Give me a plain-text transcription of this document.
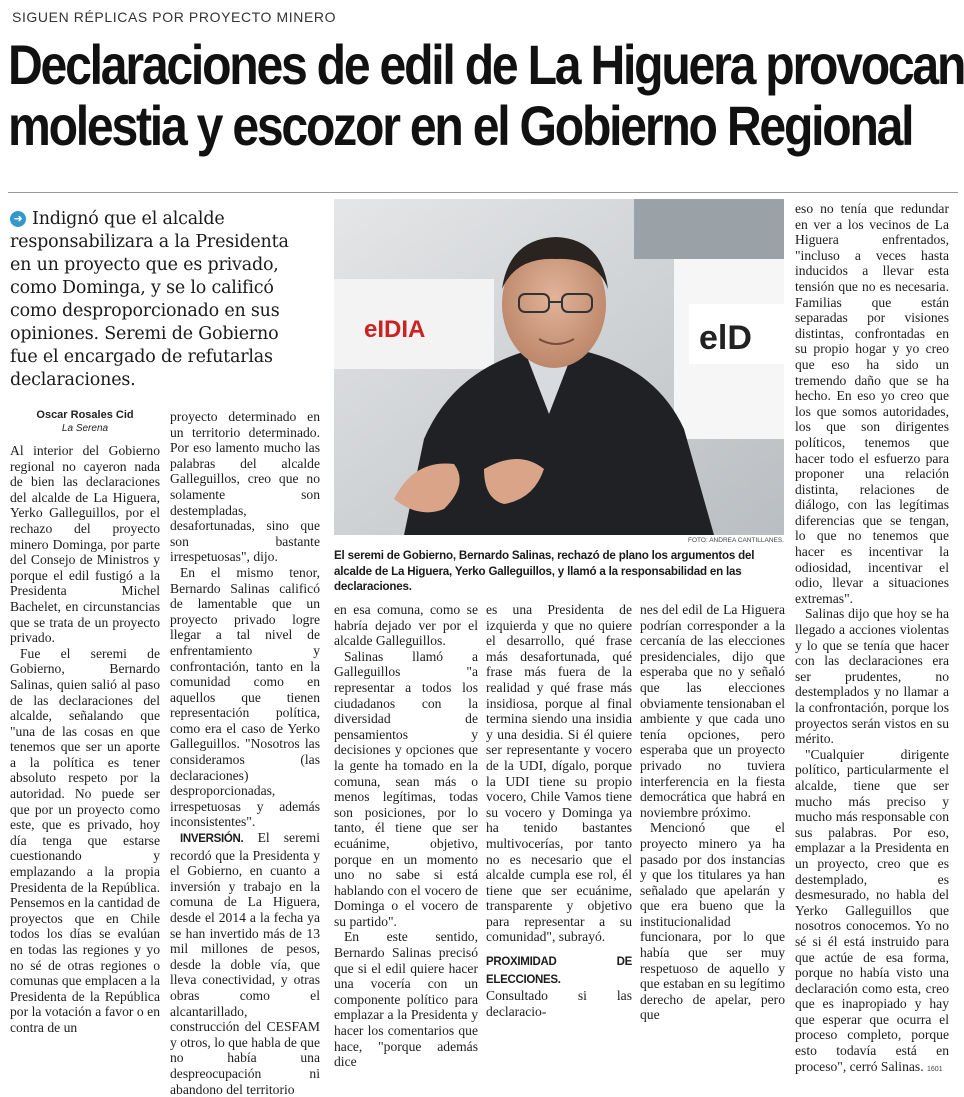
SIGUEN RÉPLICAS POR PROYECTO MINERO
Declaraciones de edil de La Higuera provocan
molestia y escozor en el Gobierno Regional
➜ Indignó que el alcalde responsabilizara a la Presidenta en un proyecto que es privado, como Dominga, y se lo calificó como desproporcionado en sus opiniones. Seremi de Gobierno fue el encargado de refutarlas declaraciones.
Oscar Rosales Cid
La Serena

Al interior del Gobierno regional no cayeron nada de bien las declaraciones del alcalde de La Higuera, Yerko Galleguillos, por el rechazo del proyecto minero Dominga, por parte del Consejo de Ministros y porque el edil fustigó a la Presidenta Michel Bachelet, en circunstancias que se trata de un proyecto privado.

Fue el seremi de Gobierno, Bernardo Salinas, quien salió al paso de las declaraciones del alcalde, señalando que "una de las cosas en que tenemos que ser un aporte a la política es tener absoluto respeto por la autoridad. No puede ser que por un proyecto como este, que es privado, hoy día tenga que estarse cuestionando y emplazando a la propia Presidenta de la República. Pensemos en la cantidad de proyectos que en Chile todos los días se evalúan en todas las regiones y yo no sé de otras regiones o comunas que emplacen a la Presidenta de la República por la votación a favor o en contra de un

proyecto determinado en un territorio determinado. Por eso lamento mucho las palabras del alcalde Galleguillos, creo que no solamente son destempladas, desafortunadas, sino que son bastante irrespetuosas", dijo.

En el mismo tenor, Bernardo Salinas calificó de lamentable que un proyecto privado logre llegar a tal nivel de enfrentamiento y confrontación, tanto en la comunidad como en aquellos que tienen representación política, como era el caso de Yerko Galleguillos. "Nosotros las consideramos (las declaraciones) desproporcionadas, irrespetuosas y además inconsistentes".

INVERSIÓN. El seremi recordó que la Presidenta y el Gobierno, en cuanto a inversión y trabajo en la comuna de La Higuera, desde el 2014 a la fecha ya se han invertido más de 13 mil millones de pesos, desde la doble vía, que lleva conectividad, y otras obras como el alcantarillado, construcción del CESFAM y otros, lo que habla de que no había una despreocupación ni abandono del territorio

eIDIA	elD
FOTO: ANDREA CANTILLANES.
El seremi de Gobierno, Bernardo Salinas, rechazó de plano los argumentos del alcalde de La Higuera, Yerko Galleguillos, y llamó a la responsabilidad en las declaraciones.

en esa comuna, como se habría dejado ver por el alcalde Galleguillos.

Salinas llamó a Galleguillos "a representar a todos los ciudadanos con la diversidad de pensamientos y decisiones y opciones que la gente ha tomado en la comuna, sean más o menos legítimas, todas son posiciones, por lo tanto, él tiene que ser ecuánime, objetivo, porque en un momento uno no sabe si está hablando con el vocero de Dominga o el vocero de su partido".

En este sentido, Bernardo Salinas precisó que si el edil quiere hacer una vocería con un componente político para emplazar a la Presidenta y hacer los comentarios que hace, "porque además dice

es una Presidenta de izquierda y que no quiere el desarrollo, qué frase más desafortunada, qué frase más fuera de la realidad y qué frase más insidiosa, porque al final termina siendo una insidia y una desidia. Si él quiere ser representante y vocero de la UDI, dígalo, porque la UDI tiene su propio vocero, Chile Vamos tiene su vocero y Dominga ya ha tenido bastantes multivocerías, por tanto no es necesario que el alcalde cumpla ese rol, él tiene que ser ecuánime, transparente y objetivo para representar a su comunidad", subrayó.

PROXIMIDAD DE ELECCIONES.

Consultado si las declaracio-

nes del edil de La Higuera podrían corresponder a la cercanía de las elecciones presidenciales, dijo que esperaba que no y señaló que las elecciones obviamente tensionaban el ambiente y que cada uno tenía opciones, pero esperaba que un proyecto privado no tuviera interferencia en la fiesta democrática que habrá en noviembre próximo.

Mencionó que el proyecto minero ya ha pasado por dos instancias y que los titulares ya han señalado que apelarán y que era bueno que la institucionalidad funcionara, por lo que había que ser muy respetuoso de aquello y que estaban en su legítimo derecho de apelar, pero que

eso no tenía que redundar en ver a los vecinos de La Higuera enfrentados, "incluso a veces hasta inducidos a llevar esta tensión que no es necesaria. Familias que están separadas por visiones distintas, confrontadas en su propio hogar y yo creo que eso ha sido un tremendo daño que se ha hecho. En eso yo creo que los que somos autoridades, los que son dirigentes políticos, tenemos que hacer todo el esfuerzo para proponer una relación distinta, relaciones de diálogo, con las legítimas diferencias que se tengan, lo que no tenemos que hacer es incentivar la odiosidad, incentivar el odio, llevar a situaciones extremas".

Salinas dijo que hoy se ha llegado a acciones violentas y lo que se tenía que hacer con las declaraciones era ser prudentes, no destemplados y no llamar a la confrontación, porque los proyectos serán vistos en su mérito.

"Cualquier dirigente político, particularmente el alcalde, tiene que ser mucho más preciso y mucho más responsable con sus palabras. Por eso, emplazar a la Presidenta en un proyecto, creo que es destemplado, es desmesurado, no habla del Yerko Galleguillos que nosotros conocemos. Yo no sé si él está instruido para que actúe de esa forma, porque no había visto una declaración como esta, creo que es inapropiado y hay que esperar que ocurra el proceso completo, porque esto todavía está en proceso", cerró Salinas. 1601
